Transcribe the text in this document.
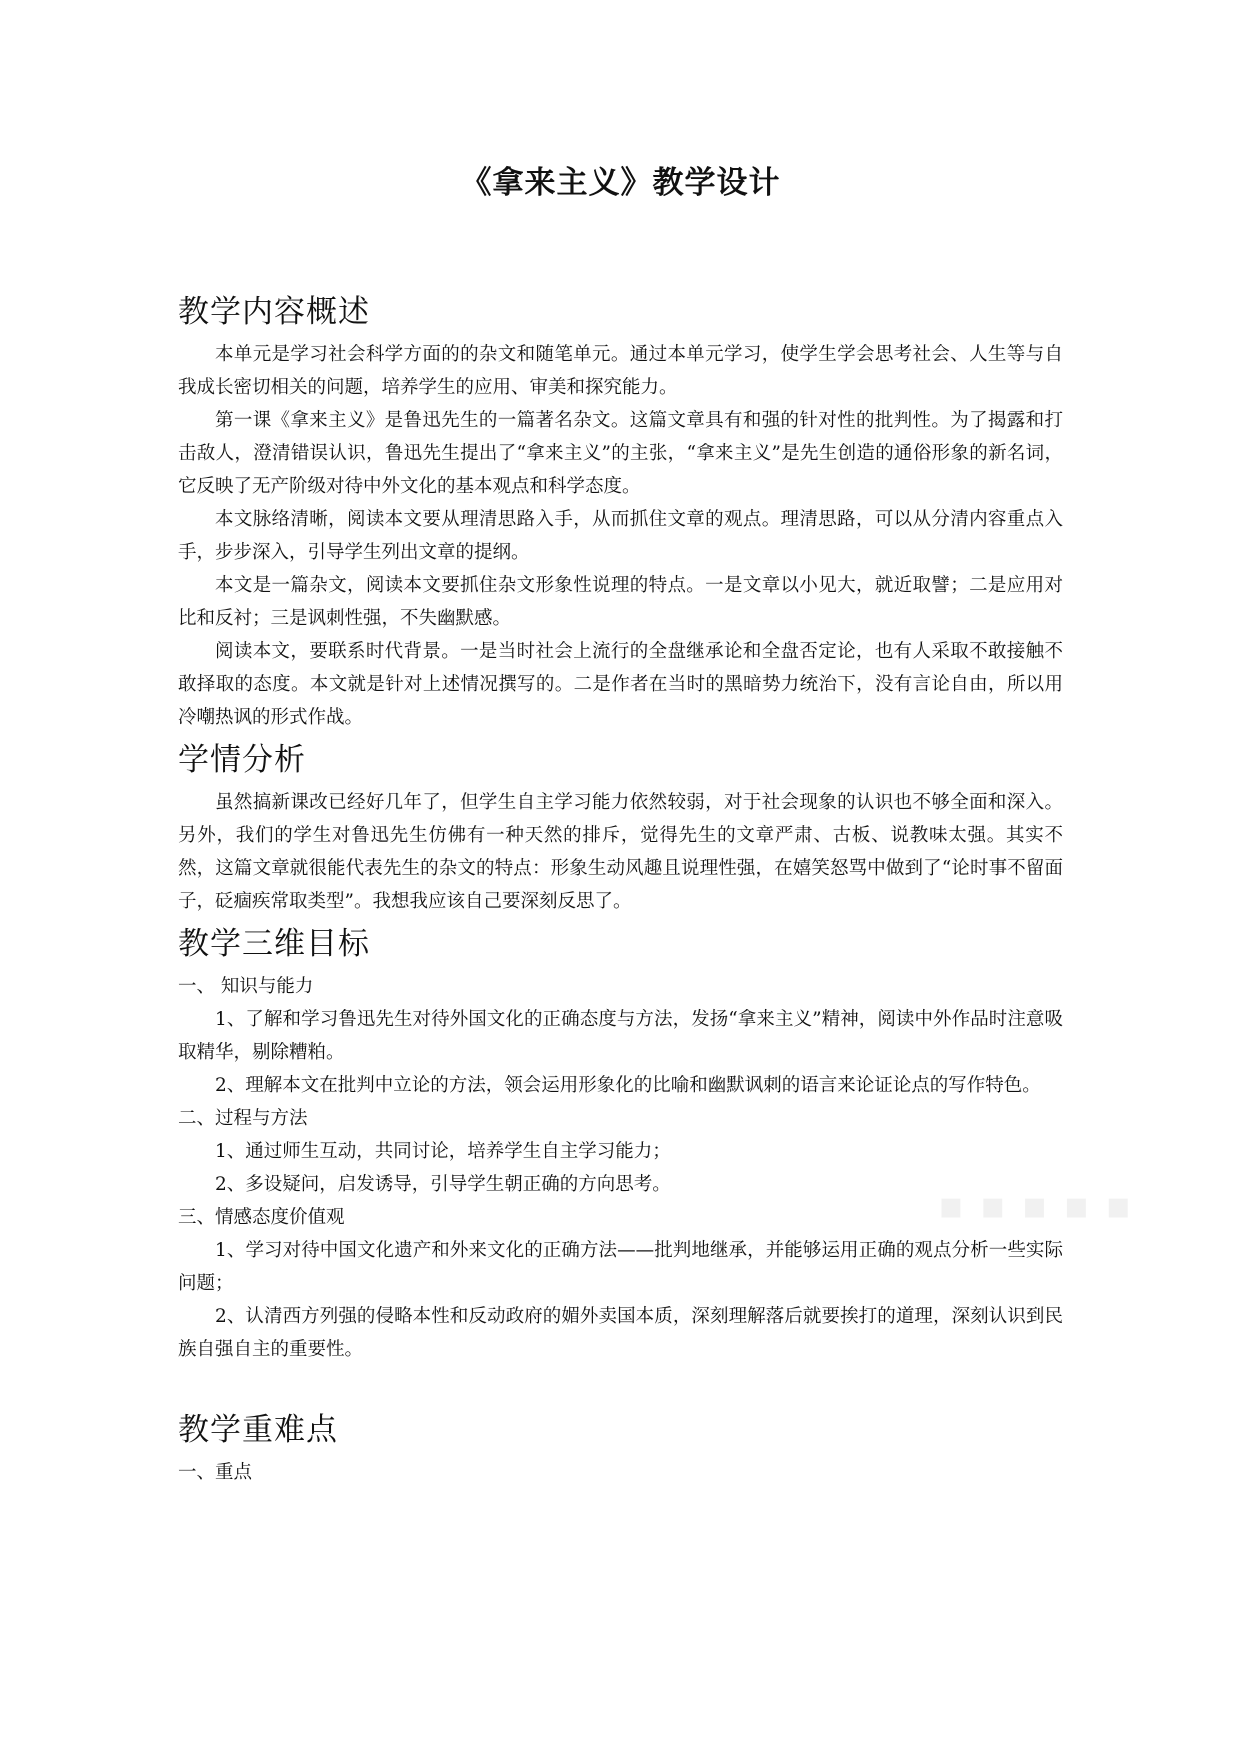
《拿来主义》教学设计
教学内容概述

本单元是学习社会科学方面的的杂文和随笔单元。通过本单元学习，使学生学会思考社会、人生等与自我成长密切相关的问题，培养学生的应用、审美和探究能力。

第一课《拿来主义》是鲁迅先生的一篇著名杂文。这篇文章具有和强的针对性的批判性。为了揭露和打击敌人，澄清错误认识，鲁迅先生提出了“拿来主义”的主张，“拿来主义”是先生创造的通俗形象的新名词，它反映了无产阶级对待中外文化的基本观点和科学态度。

本文脉络清晰，阅读本文要从理清思路入手，从而抓住文章的观点。理清思路，可以从分清内容重点入手，步步深入，引导学生列出文章的提纲。

本文是一篇杂文，阅读本文要抓住杂文形象性说理的特点。一是文章以小见大，就近取譬；二是应用对比和反衬；三是讽刺性强，不失幽默感。

阅读本文，要联系时代背景。一是当时社会上流行的全盘继承论和全盘否定论，也有人采取不敢接触不敢择取的态度。本文就是针对上述情况撰写的。二是作者在当时的黑暗势力统治下，没有言论自由，所以用冷嘲热讽的形式作战。

学情分析

虽然搞新课改已经好几年了，但学生自主学习能力依然较弱，对于社会现象的认识也不够全面和深入。另外，我们的学生对鲁迅先生仿佛有一种天然的排斥，觉得先生的文章严肃、古板、说教味太强。其实不然，这篇文章就很能代表先生的杂文的特点：形象生动风趣且说理性强，在嬉笑怒骂中做到了“论时事不留面子，砭痼疾常取类型”。我想我应该自己要深刻反思了。

教学三维目标

一、 知识与能力

1、了解和学习鲁迅先生对待外国文化的正确态度与方法，发扬“拿来主义”精神，阅读中外作品时注意吸取精华，剔除糟粕。

2、理解本文在批判中立论的方法，领会运用形象化的比喻和幽默讽刺的语言来论证论点的写作特色。

二、过程与方法

1、通过师生互动，共同讨论，培养学生自主学习能力；

2、多设疑问，启发诱导，引导学生朝正确的方向思考。

三、情感态度价值观

1、学习对待中国文化遗产和外来文化的正确方法——批判地继承，并能够运用正确的观点分析一些实际问题；

2、认清西方列强的侵略本性和反动政府的媚外卖国本质，深刻理解落后就要挨打的道理，深刻认识到民族自强自主的重要性。

教学重难点

一、重点

▪ ▪ ▪ ▪ ▪
